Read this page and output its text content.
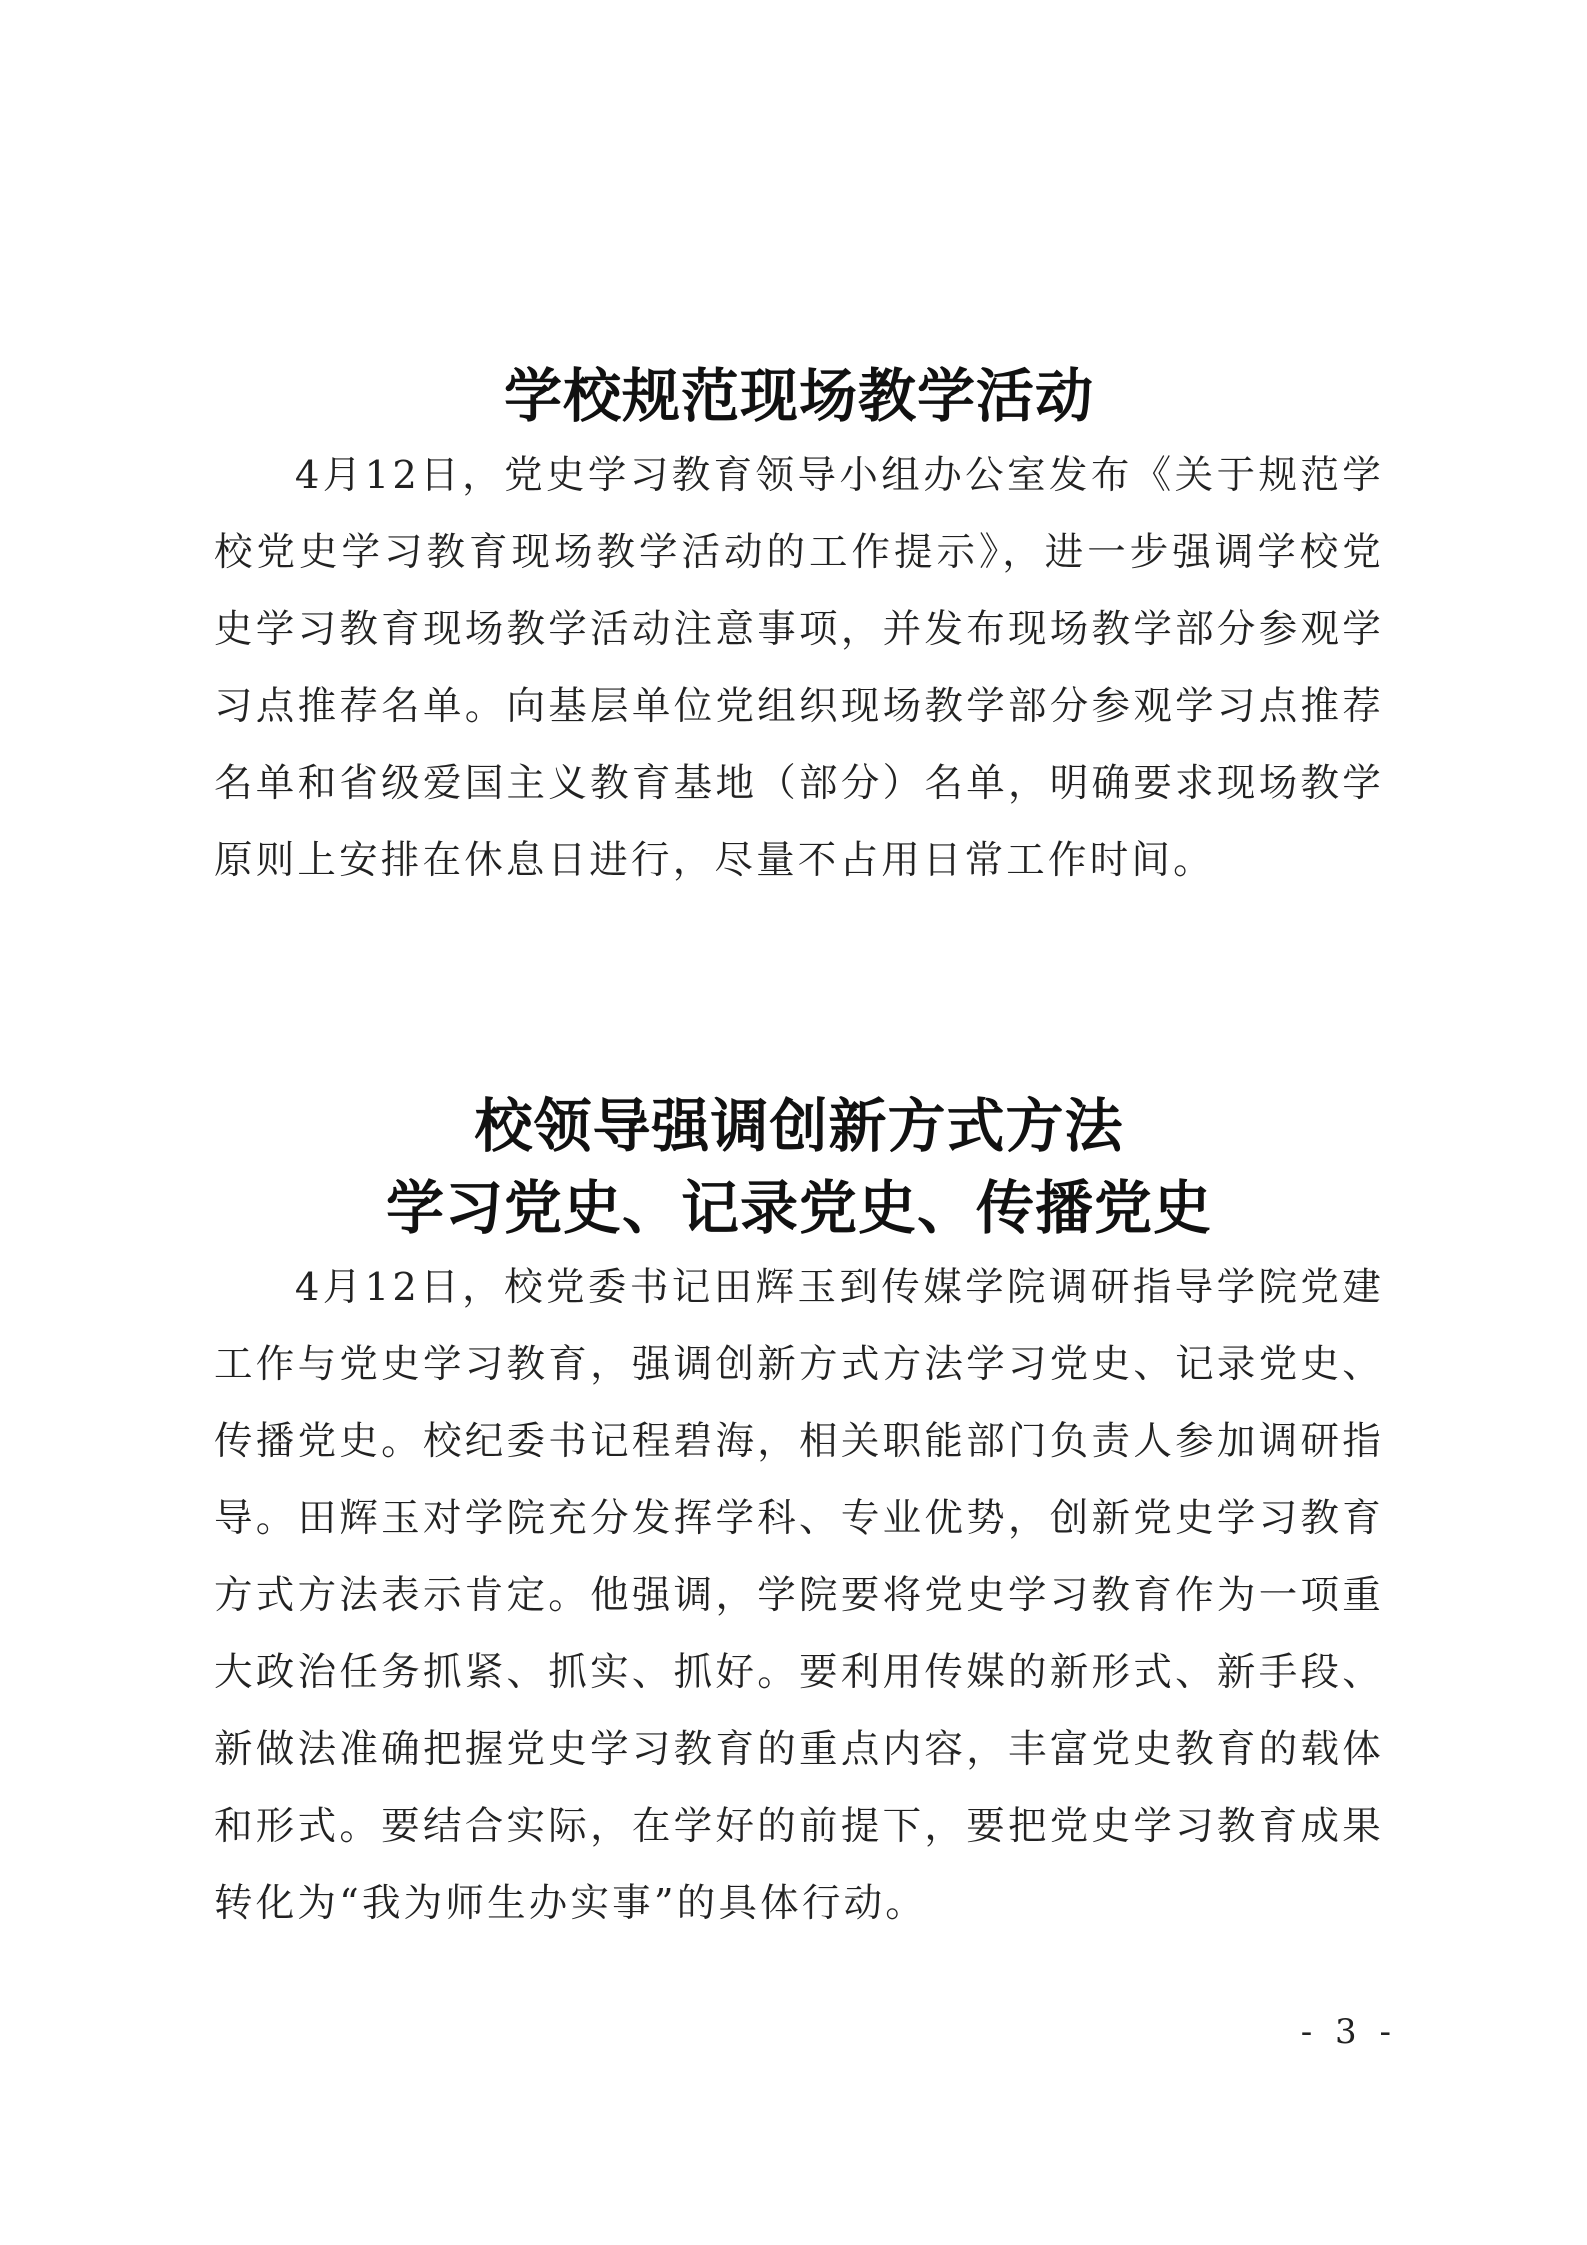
学校规范现场教学活动

4月12日，党史学习教育领导小组办公室发布《关于规范学校党史学习教育现场教学活动的工作提示》，进一步强调学校党史学习教育现场教学活动注意事项，并发布现场教学部分参观学习点推荐名单。向基层单位党组织现场教学部分参观学习点推荐名单和省级爱国主义教育基地（部分）名单，明确要求现场教学原则上安排在休息日进行，尽量不占用日常工作时间。

校领导强调创新方式方法
学习党史、记录党史、传播党史

4月12日，校党委书记田辉玉到传媒学院调研指导学院党建工作与党史学习教育，强调创新方式方法学习党史、记录党史、传播党史。校纪委书记程碧海，相关职能部门负责人参加调研指导。田辉玉对学院充分发挥学科、专业优势，创新党史学习教育方式方法表示肯定。他强调，学院要将党史学习教育作为一项重大政治任务抓紧、抓实、抓好。要利用传媒的新形式、新手段、新做法准确把握党史学习教育的重点内容，丰富党史教育的载体和形式。要结合实际，在学好的前提下，要把党史学习教育成果转化为“我为师生办实事”的具体行动。

- 3 -
